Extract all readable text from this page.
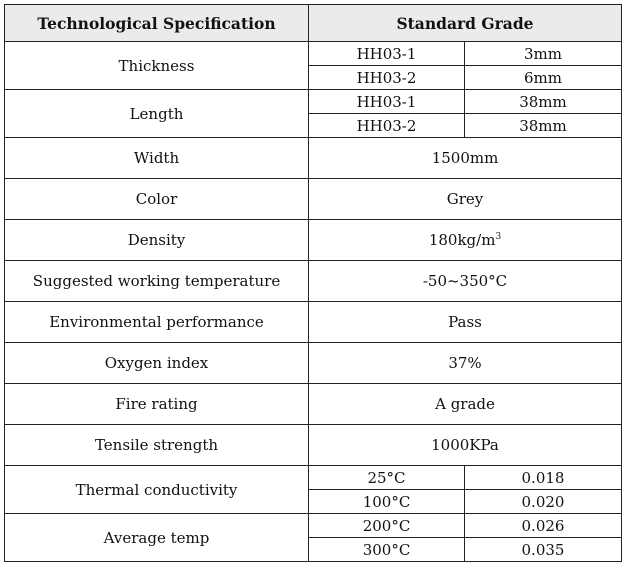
Technological Specification	Standard Grade	
Thickness	HH03-1	3mm
	HH03-2	6mm
Length	HH03-1	38mm
	HH03-2	38mm
Width	1500mm	
Color	Grey	
Density	$180kg/m^3$
Suggested working temperature	-50~350°C	
Environmental performance	Pass	
Oxygen index	37%	
Fire rating	A grade	
Tensile strength	1000KPa	
Thermal conductivity	25°C	0.018
	100°C	0.020
Average temp	200°C	0.026
	300°C	0.035
